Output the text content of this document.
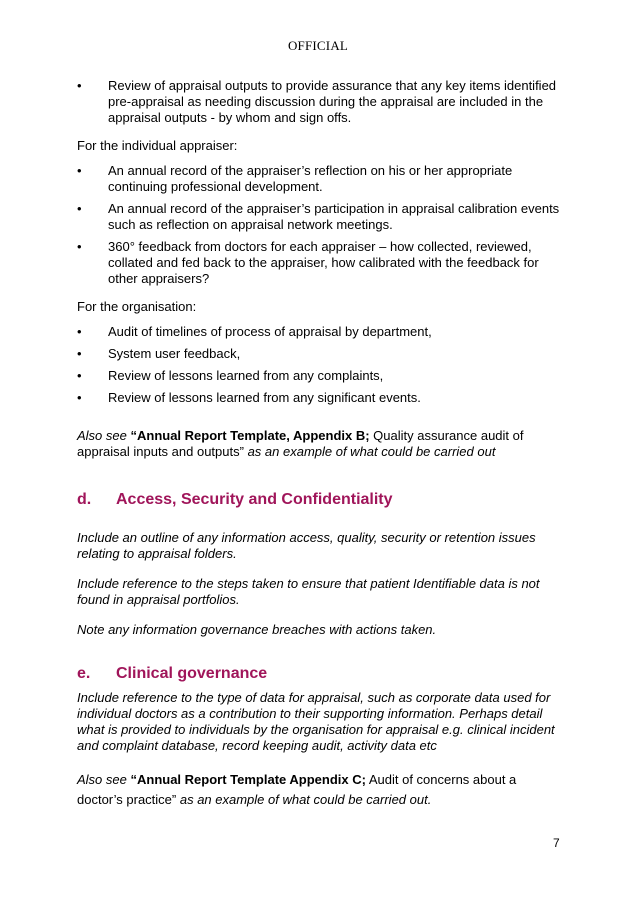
OFFICIAL
• Review of appraisal outputs to provide assurance that any key items identified pre-appraisal as needing discussion during the appraisal are included in the appraisal outputs - by whom and sign offs.

For the individual appraiser:

• An annual record of the appraiser’s reflection on his or her appropriate continuing professional development.
• An annual record of the appraiser’s participation in appraisal calibration events such as reflection on appraisal network meetings.
• 360° feedback from doctors for each appraiser – how collected, reviewed, collated and fed back to the appraiser, how calibrated with the feedback for other appraisers?

For the organisation:

• Audit of timelines of process of appraisal by department,
• System user feedback,
• Review of lessons learned from any complaints,
• Review of lessons learned from any significant events.

Also see “Annual Report Template, Appendix B; Quality assurance audit of appraisal inputs and outputs” as an example of what could be carried out

d.	Access, Security and Confidentiality

Include an outline of any information access, quality, security or retention issues relating to appraisal folders.

Include reference to the steps taken to ensure that patient Identifiable data is not found in appraisal portfolios.

Note any information governance breaches with actions taken.

e.	Clinical governance

Include reference to the type of data for appraisal, such as corporate data used for individual doctors as a contribution to their supporting information. Perhaps detail what is provided to individuals by the organisation for appraisal e.g. clinical incident and complaint database, record keeping audit, activity data etc

Also see “Annual Report Template Appendix C; Audit of concerns about a doctor’s practice” as an example of what could be carried out.

7
